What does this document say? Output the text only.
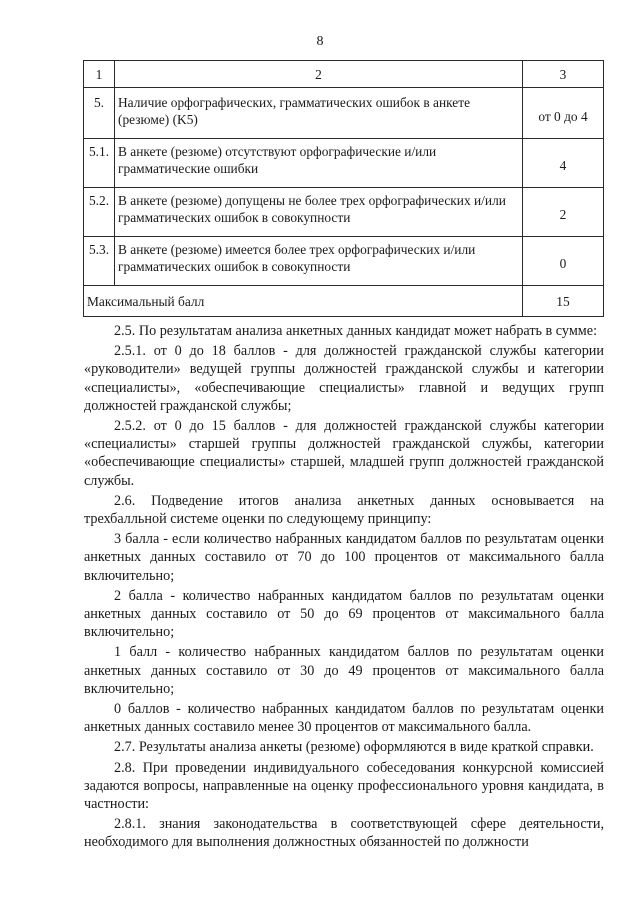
8
1	2	3
5.	Наличие орфографических, грамматических ошибок в анкете (резюме) (K5)	от 0 до 4
5.1.	В анкете (резюме) отсутствуют орфографические и/или грамматические ошибки	4
5.2.	В анкете (резюме) допущены не более трех орфографических и/или грамматических ошибок в совокупности	2
5.3.	В анкете (резюме) имеется более трех орфографических и/или грамматических ошибок в совокупности	0
Максимальный балл		15

2.5. По результатам анализа анкетных данных кандидат может набрать в сумме:

2.5.1. от 0 до 18 баллов - для должностей гражданской службы категории «руководители» ведущей группы должностей гражданской службы и категории «специалисты», «обеспечивающие специалисты» главной и ведущих групп должностей гражданской службы;

2.5.2. от 0 до 15 баллов - для должностей гражданской службы категории «специалисты» старшей группы должностей гражданской службы, категории «обеспечивающие специалисты» старшей, младшей групп должностей гражданской службы.

2.6. Подведение итогов анализа анкетных данных основывается на трехбалльной системе оценки по следующему принципу:

3 балла - если количество набранных кандидатом баллов по результатам оценки анкетных данных составило от 70 до 100 процентов от максимального балла включительно;

2 балла - количество набранных кандидатом баллов по результатам оценки анкетных данных составило от 50 до 69 процентов от максимального балла включительно;

1 балл - количество набранных кандидатом баллов по результатам оценки анкетных данных составило от 30 до 49 процентов от максимального балла включительно;

0 баллов - количество набранных кандидатом баллов по результатам оценки анкетных данных составило менее 30 процентов от максимального балла.

2.7. Результаты анализа анкеты (резюме) оформляются в виде краткой справки.

2.8. При проведении индивидуального собеседования конкурсной комиссией задаются вопросы, направленные на оценку профессионального уровня кандидата, в частности:

2.8.1. знания законодательства в соответствующей сфере деятельности, необходимого для выполнения должностных обязанностей по должности
